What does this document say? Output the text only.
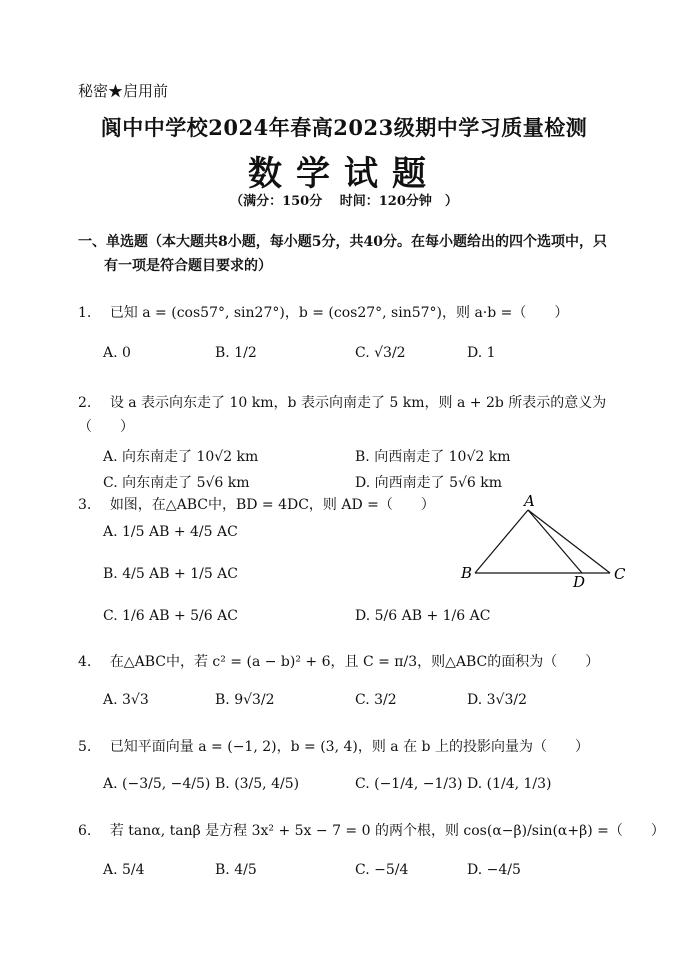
秘密★启用前
阆中中学校2024年春高2023级期中学习质量检测
数学试题
（满分：150分　 时间：120分钟　）
一、单选题（本大题共8小题，每小题5分，共40分。在每小题给出的四个选项中，只
有一项是符合题目要求的）
1. 已知 a = (cos57°, sin27°)，b = (cos27°, sin57°)，则 a·b =（　　）
A. 0	B. 1/2	C. √3/2	D. 1
2. 设 a 表示向东走了 10 km，b 表示向南走了 5 km，则 a + 2b 所表示的意义为
（　　）
A. 向东南走了 10√2 km	B. 向西南走了 10√2 km
C. 向东南走了 5√6 km	D. 向西南走了 5√6 km
3. 如图，在△ABC中，BD = 4DC，则 AD =（　　）
A. 1/5 AB + 4/5 AC
B. 4/5 AB + 1/5 AC
C. 1/6 AB + 5/6 AC	D. 5/6 AB + 1/6 AC
A
B	C
D
4. 在△ABC中，若 c² = (a − b)² + 6，且 C = π/3，则△ABC的面积为（　　）
A. 3√3	B. 9√3/2	C. 3/2	D. 3√3/2
5. 已知平面向量 a = (−1, 2)，b = (3, 4)，则 a 在 b 上的投影向量为（　　）
A. (−3/5, −4/5) B. (3/5, 4/5)	C. (−1/4, −1/3) D. (1/4, 1/3)
6. 若 tanα, tanβ 是方程 3x² + 5x − 7 = 0 的两个根，则 cos(α−β)/sin(α+β) =（　　）
A. 5/4	B. 4/5	C. −5/4	D. −4/5
